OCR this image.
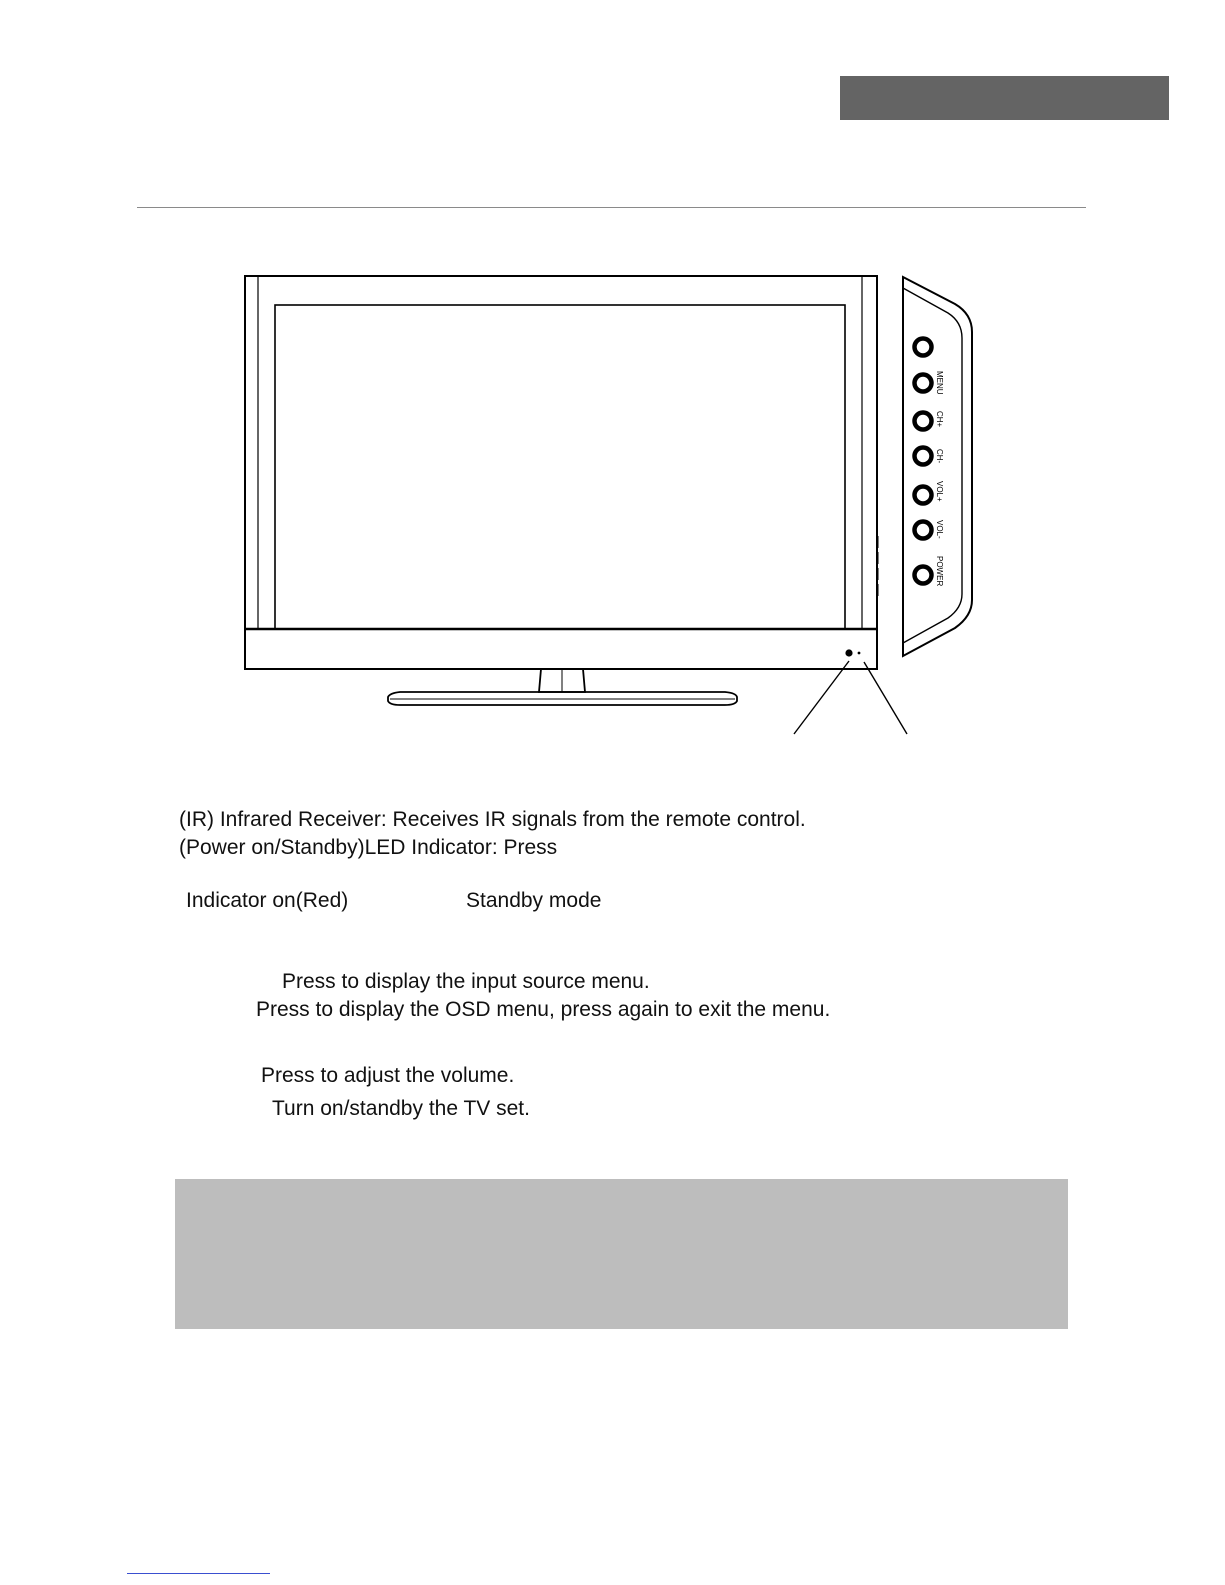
MENU
CH+
CH-
VOL+
VOL-
POWER

(IR) Infrared Receiver: Receives IR signals from the remote control.

(Power on/Standby)LED Indicator: Press

Indicator on(Red)	Standby mode

Press to display the input source menu.

Press to display the OSD menu, press again to exit the menu.

Press to adjust the volume.

Turn on/standby the TV set.
